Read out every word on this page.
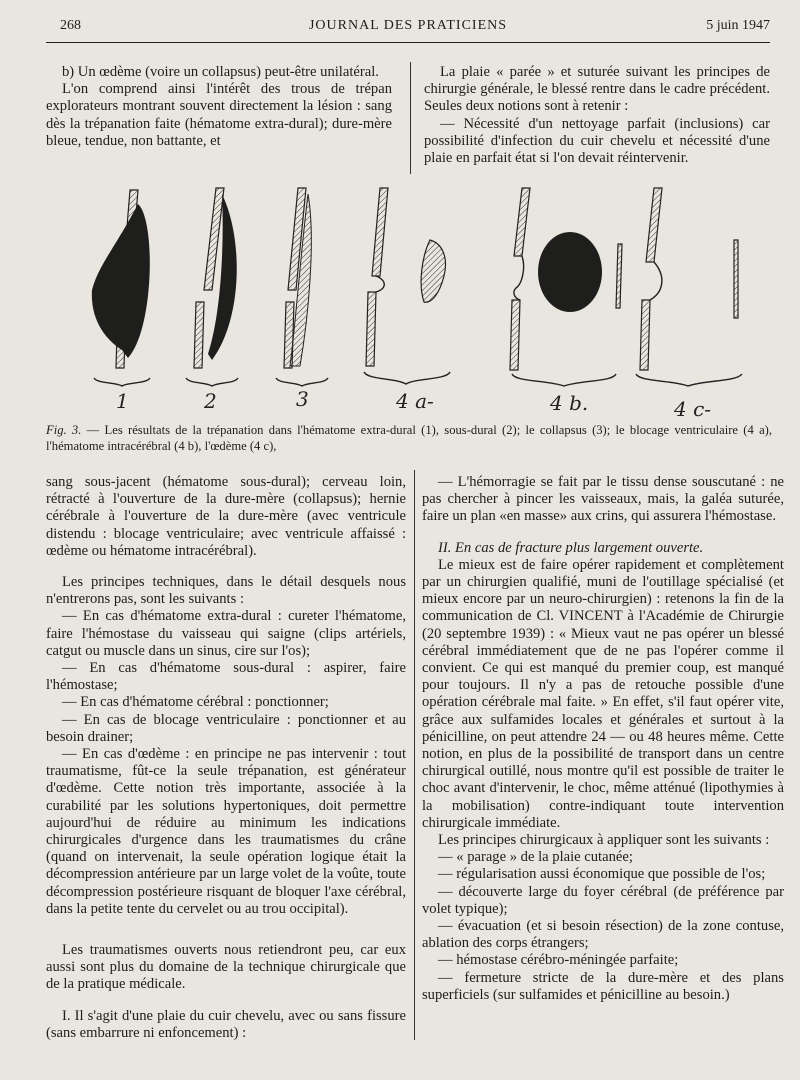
268	JOURNAL DES PRATICIENS	5 juin 1947

b) Un œdème (voire un collapsus) peut-être unilatéral.

L'on comprend ainsi l'intérêt des trous de trépan explorateurs montrant souvent directement la lésion : sang dès la trépanation faite (hématome extra-dural); dure-mère bleue, tendue, non battante, et

La plaie « parée » et suturée suivant les principes de chirurgie générale, le blessé rentre dans le cadre précédent. Seules deux notions sont à retenir :

— Nécessité d'un nettoyage parfait (inclusions) car possibilité d'infection du cuir chevelu et nécessité d'une plaie en parfait état si l'on devait réintervenir.

1	2	3	4 a-	4 b.	4 c-
Fig. 3. — Les résultats de la trépanation dans l'hématome extra-dural (1), sous-dural (2); le collapsus (3); le blocage ventriculaire (4 a), l'hématome intracérébral (4 b), l'œdème (4 c),

sang sous-jacent (hématome sous-dural); cerveau loin, rétracté à l'ouverture de la dure-mère (collapsus); hernie cérébrale à l'ouverture de la dure-mère (avec ventricule distendu : blocage ventriculaire; avec ventricule affaissé : œdème ou hématome intracérébral).

Les principes techniques, dans le détail desquels nous n'entrerons pas, sont les suivants :

— En cas d'hématome extra-dural : cureter l'hématome, faire l'hémostase du vaisseau qui saigne (clips artériels, catgut ou muscle dans un sinus, cire sur l'os);

— En cas d'hématome sous-dural : aspirer, faire l'hémostase;

— En cas d'hématome cérébral : ponctionner;

— En cas de blocage ventriculaire : ponctionner et au besoin drainer;

— En cas d'œdème : en principe ne pas intervenir : tout traumatisme, fût-ce la seule trépanation, est générateur d'œdème. Cette notion très importante, associée à la curabilité par les solutions hypertoniques, doit permettre aujourd'hui de réduire au minimum les indications chirurgicales d'urgence dans les traumatismes du crâne (quand on intervenait, la seule opération logique était la décompression antérieure par un large volet de la voûte, toute décompression postérieure risquant de bloquer l'axe cérébral, dans la petite tente du cervelet ou au trou occipital).

Les traumatismes ouverts nous retiendront peu, car eux aussi sont plus du domaine de la technique chirurgicale que de la pratique médicale.

I. Il s'agit d'une plaie du cuir chevelu, avec ou sans fissure (sans embarrure ni enfoncement) :

— L'hémorragie se fait par le tissu dense souscutané : ne pas chercher à pincer les vaisseaux, mais, la galéa suturée, faire un plan «en masse» aux crins, qui assurera l'hémostase.

II. En cas de fracture plus largement ouverte.

Le mieux est de faire opérer rapidement et complètement par un chirurgien qualifié, muni de l'outillage spécialisé (et mieux encore par un neuro-chirurgien) : retenons la fin de la communication de Cl. VINCENT à l'Académie de Chirurgie (20 septembre 1939) : « Mieux vaut ne pas opérer un blessé cérébral immédiatement que de ne pas l'opérer comme il convient. Ce qui est manqué du premier coup, est manqué pour toujours. Il n'y a pas de retouche possible d'une opération cérébrale mal faite. » En effet, s'il faut opérer vite, grâce aux sulfamides locales et générales et surtout à la pénicilline, on peut attendre 24 — ou 48 heures même. Cette notion, en plus de la possibilité de transport dans un centre chirurgical outillé, nous montre qu'il est possible de traiter le choc avant d'intervenir, le choc, même atténué (lipothymies à la mobilisation) contre-indiquant toute intervention chirurgicale immédiate.

Les principes chirurgicaux à appliquer sont les suivants :

— « parage » de la plaie cutanée;

— régularisation aussi économique que possible de l'os;

— découverte large du foyer cérébral (de préférence par volet typique);

— évacuation (et si besoin résection) de la zone contuse, ablation des corps étrangers;

— hémostase cérébro-méningée parfaite;

— fermeture stricte de la dure-mère et des plans superficiels (sur sulfamides et pénicilline au besoin.)
